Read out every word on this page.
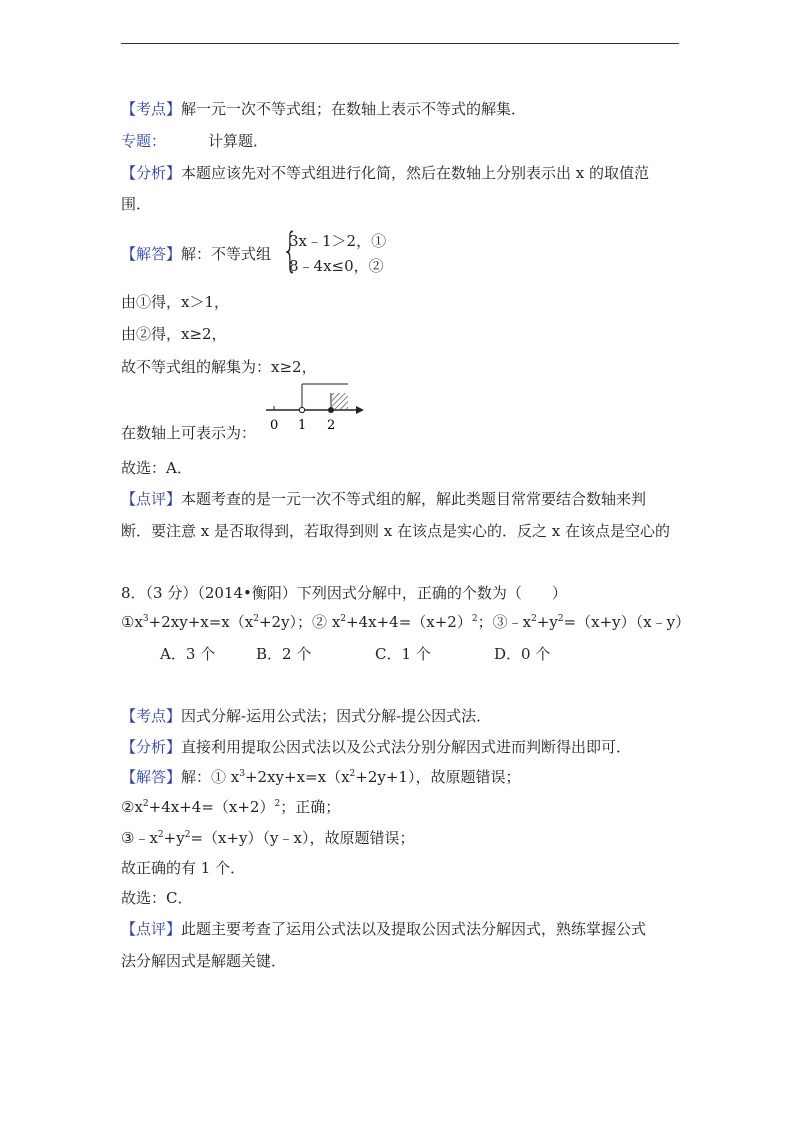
【考点】解一元一次不等式组；在数轴上表示不等式的解集．
专题：	计算题．
【分析】本题应该先对不等式组进行化简，然后在数轴上分别表示出 x 的取值范
围．
【解答】解：不等式组 {
3x﹣1＞2，①
8﹣4x≤0，②
由①得，x＞1，
由②得，x≥2，
故不等式组的解集为：x≥2，
在数轴上可表示为： 0 1 2
故选：A．
【点评】本题考查的是一元一次不等式组的解，解此类题目常常要结合数轴来判
断．要注意 x 是否取得到，若取得到则 x 在该点是实心的．反之 x 在该点是空心的
8．（3 分）（2014•衡阳）下列因式分解中，正确的个数为（　　）
$①x^3+2xy+x=x(x^2+2y)$；② $x^2+4x+4=(x+2)^2$；$③﹣x^2+y^2=(x+y)(x﹣y)$
A．3 个	B．2 个	C．1 个	D．0 个
【考点】因式分解-运用公式法；因式分解-提公因式法．
【分析】直接利用提取公因式法以及公式法分别分解因式进而判断得出即可．
【解答】解：① $x^3+2xy+x=x(x^2+2y+1)$，故原题错误；
$②x^2+4x+4=(x+2)^2$；正确；
$③﹣x^2+y^2=(x+y)(y﹣x)$，故原题错误；
故正确的有 1 个．
故选：C．
【点评】此题主要考查了运用公式法以及提取公因式法分解因式，熟练掌握公式
法分解因式是解题关键．
